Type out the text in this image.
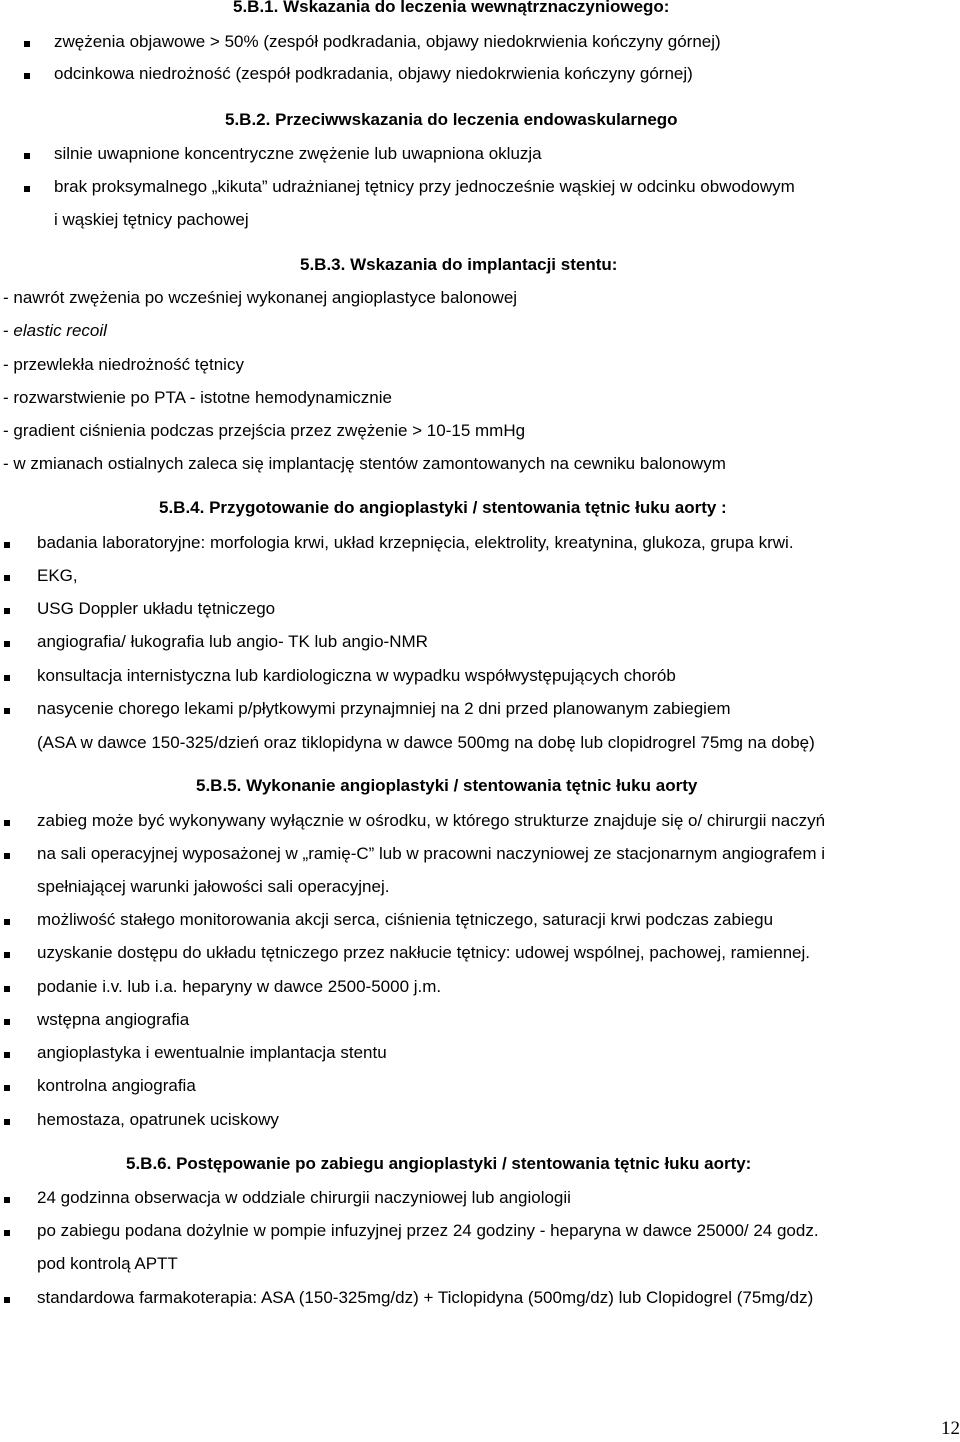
5.B.1. Wskazania do leczenia wewnątrznaczyniowego:
zwężenia objawowe > 50% (zespół podkradania, objawy niedokrwienia kończyny górnej)
odcinkowa niedrożność (zespół podkradania, objawy niedokrwienia kończyny górnej)
5.B.2. Przeciwwskazania do leczenia endowaskularnego
silnie uwapnione koncentryczne zwężenie lub uwapniona okluzja
brak proksymalnego „kikuta” udrażnianej tętnicy przy jednocześnie wąskiej w odcinku obwodowym
i wąskiej tętnicy pachowej
5.B.3. Wskazania do implantacji stentu:
- nawrót zwężenia po wcześniej wykonanej angioplastyce balonowej
- elastic recoil
- przewlekła niedrożność tętnicy
- rozwarstwienie po PTA - istotne hemodynamicznie
- gradient ciśnienia podczas przejścia przez zwężenie > 10-15 mmHg
- w zmianach ostialnych zaleca się implantację stentów zamontowanych na cewniku balonowym
5.B.4. Przygotowanie do angioplastyki / stentowania tętnic łuku aorty :
badania laboratoryjne: morfologia krwi, układ krzepnięcia, elektrolity, kreatynina, glukoza, grupa krwi.
EKG,
USG Doppler układu tętniczego
angiografia/ łukografia lub angio- TK lub angio-NMR
konsultacja internistyczna lub kardiologiczna w wypadku współwystępujących chorób
nasycenie chorego lekami p/płytkowymi przynajmniej na 2 dni przed planowanym zabiegiem
(ASA w dawce 150-325/dzień oraz tiklopidyna w dawce 500mg na dobę lub clopidrogrel 75mg na dobę)
5.B.5. Wykonanie angioplastyki / stentowania tętnic łuku aorty
zabieg może być wykonywany wyłącznie w ośrodku, w którego strukturze znajduje się o/ chirurgii naczyń
na sali operacyjnej wyposażonej w „ramię-C” lub w pracowni naczyniowej ze stacjonarnym angiografem i
spełniającej warunki jałowości sali operacyjnej.
możliwość stałego monitorowania akcji serca, ciśnienia tętniczego, saturacji krwi podczas zabiegu
uzyskanie dostępu do układu tętniczego przez nakłucie tętnicy: udowej wspólnej, pachowej, ramiennej.
podanie i.v. lub i.a. heparyny w dawce 2500-5000 j.m.
wstępna angiografia
angioplastyka i ewentualnie implantacja stentu
kontrolna angiografia
hemostaza, opatrunek uciskowy
5.B.6. Postępowanie po zabiegu angioplastyki / stentowania tętnic łuku aorty:
24 godzinna obserwacja w oddziale chirurgii naczyniowej lub angiologii
po zabiegu podana dożylnie w pompie infuzyjnej przez 24 godziny - heparyna w dawce 25000/ 24 godz.
pod kontrolą APTT
standardowa farmakoterapia: ASA (150-325mg/dz) + Ticlopidyna (500mg/dz) lub Clopidogrel (75mg/dz)
12
